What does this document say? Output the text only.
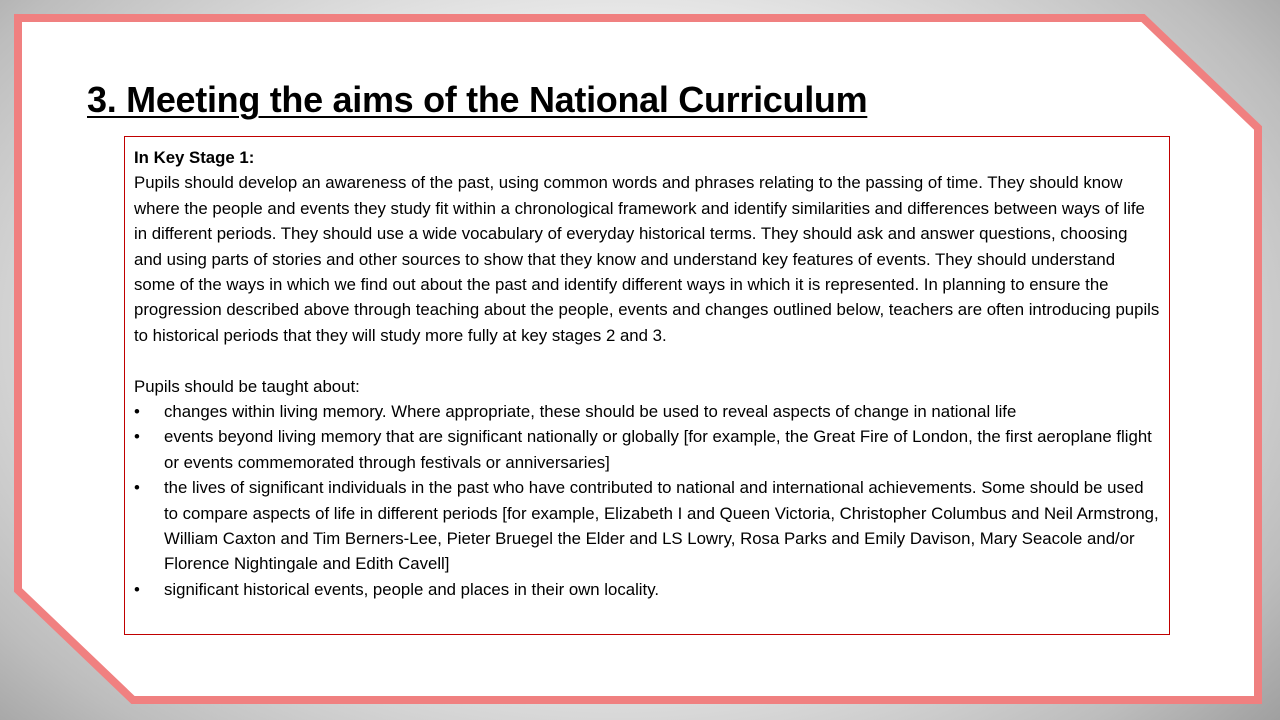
3. Meeting the aims of the National Curriculum

In Key Stage 1:

Pupils should develop an awareness of the past, using common words and phrases relating to the passing of time. They should know where the people and events they study fit within a chronological framework and identify similarities and differences between ways of life in different periods. They should use a wide vocabulary of everyday historical terms. They should ask and answer questions, choosing and using parts of stories and other sources to show that they know and understand key features of events. They should understand some of the ways in which we find out about the past and identify different ways in which it is represented. In planning to ensure the progression described above through teaching about the people, events and changes outlined below, teachers are often introducing pupils to historical periods that they will study more fully at key stages 2 and 3.

Pupils should be taught about:

•	changes within living memory. Where appropriate, these should be used to reveal aspects of change in national life
•	events beyond living memory that are significant nationally or globally [for example, the Great Fire of London, the first aeroplane flight or events commemorated through festivals or anniversaries]
•	the lives of significant individuals in the past who have contributed to national and international achievements. Some should be used to compare aspects of life in different periods [for example, Elizabeth I and Queen Victoria, Christopher Columbus and Neil Armstrong, William Caxton and Tim Berners-Lee, Pieter Bruegel the Elder and LS Lowry, Rosa Parks and Emily Davison, Mary Seacole and/or Florence Nightingale and Edith Cavell]
•	significant historical events, people and places in their own locality.
